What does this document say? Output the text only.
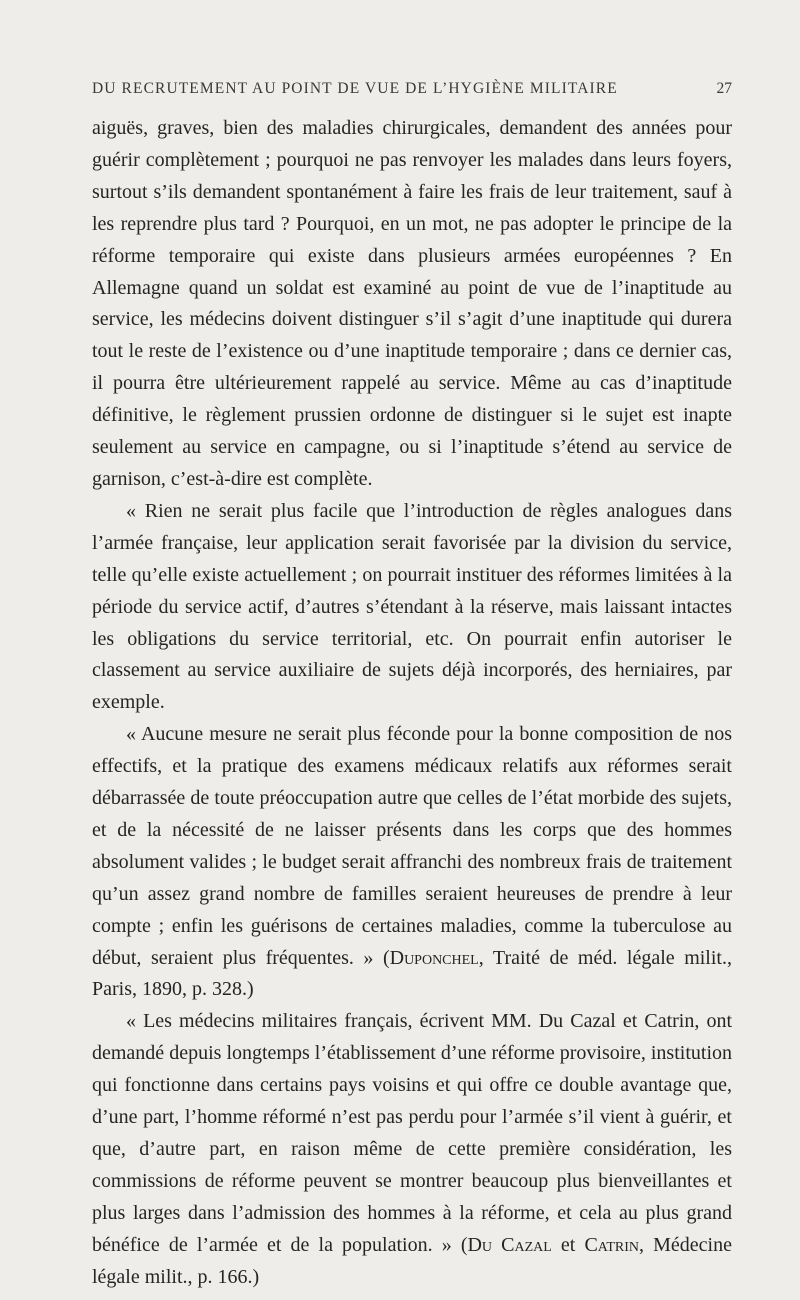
DU RECRUTEMENT AU POINT DE VUE DE L’HYGIÈNE MILITAIRE	27

aiguës, graves, bien des maladies chirurgicales, demandent des années pour guérir complètement ; pourquoi ne pas renvoyer les malades dans leurs foyers, surtout s’ils demandent spontanément à faire les frais de leur traitement, sauf à les reprendre plus tard ? Pourquoi, en un mot, ne pas adopter le principe de la réforme temporaire qui existe dans plusieurs armées européennes ? En Allemagne quand un soldat est examiné au point de vue de l’inaptitude au service, les médecins doivent distinguer s’il s’agit d’une inaptitude qui durera tout le reste de l’existence ou d’une inaptitude temporaire ; dans ce dernier cas, il pourra être ultérieurement rappelé au service. Même au cas d’inaptitude définitive, le règlement prussien ordonne de distinguer si le sujet est inapte seulement au service en campagne, ou si l’inaptitude s’étend au service de garnison, c’est-à-dire est complète.

« Rien ne serait plus facile que l’introduction de règles analogues dans l’armée française, leur application serait favorisée par la division du service, telle qu’elle existe actuellement ; on pourrait instituer des réformes limitées à la période du service actif, d’autres s’étendant à la réserve, mais laissant intactes les obligations du service territorial, etc. On pourrait enfin autoriser le classement au service auxiliaire de sujets déjà incorporés, des herniaires, par exemple.

« Aucune mesure ne serait plus féconde pour la bonne composition de nos effectifs, et la pratique des examens médicaux relatifs aux réformes serait débarrassée de toute préoccupation autre que celles de l’état morbide des sujets, et de la nécessité de ne laisser présents dans les corps que des hommes absolument valides ; le budget serait affranchi des nombreux frais de traitement qu’un assez grand nombre de familles seraient heureuses de prendre à leur compte ; enfin les guérisons de certaines maladies, comme la tuberculose au début, seraient plus fréquentes. » (Duponchel, Traité de méd. légale milit., Paris, 1890, p. 328.)

« Les médecins militaires français, écrivent MM. Du Cazal et Catrin, ont demandé depuis longtemps l’établissement d’une réforme provisoire, institution qui fonctionne dans certains pays voisins et qui offre ce double avantage que, d’une part, l’homme réformé n’est pas perdu pour l’armée s’il vient à guérir, et que, d’autre part, en raison même de cette première considération, les commissions de réforme peuvent se montrer beaucoup plus bienveillantes et plus larges dans l’admission des hommes à la réforme, et cela au plus grand bénéfice de l’armée et de la population. » (Du Cazal et Catrin, Médecine légale milit., p. 166.)
